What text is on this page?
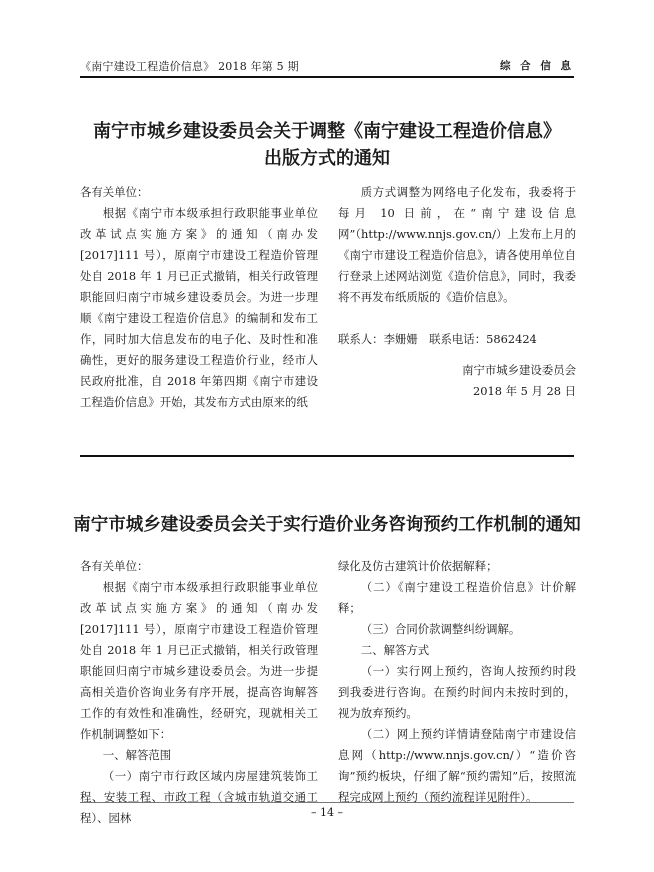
《南宁建设工程造价信息》 2018 年第 5 期	综 合 信 息
南宁市城乡建设委员会关于调整《南宁建设工程造价信息》
出版方式的通知

各有关单位：

根据《南宁市本级承担行政职能事业单位改革试点实施方案》的通知（南办发[2017]111 号），原南宁市建设工程造价管理处自 2018 年 1 月已正式撤销，相关行政管理职能回归南宁市城乡建设委员会。为进一步理顺《南宁建设工程造价信息》的编制和发布工作，同时加大信息发布的电子化、及时性和准确性，更好的服务建设工程造价行业，经市人民政府批准，自 2018 年第四期《南宁市建设工程造价信息》开始，其发布方式由原来的纸

质方式调整为网络电子化发布，我委将于每月 10 日前，在“南宁建设信息网”（http://www.nnjs.gov.cn/）上发布上月的《南宁市建设工程造价信息》，请各使用单位自行登录上述网站浏览《造价信息》，同时，我委将不再发布纸质版的《造价信息》。

联系人：李姗姗　联系电话：5862424

南宁市城乡建设委员会

2018 年 5 月 28 日

南宁市城乡建设委员会关于实行造价业务咨询预约工作机制的通知

各有关单位：

根据《南宁市本级承担行政职能事业单位改革试点实施方案》的通知（南办发[2017]111 号），原南宁市建设工程造价管理处自 2018 年 1 月已正式撤销，相关行政管理职能回归南宁市城乡建设委员会。为进一步提高相关造价咨询业务有序开展，提高咨询解答工作的有效性和准确性，经研究，现就相关工作机制调整如下：

一、解答范围

（一）南宁市行政区域内房屋建筑装饰工程、安装工程、市政工程（含城市轨道交通工程）、园林

绿化及仿古建筑计价依据解释；

（二）《南宁建设工程造价信息》计价解释；

（三）合同价款调整纠纷调解。

二、解答方式

（一）实行网上预约，咨询人按预约时段到我委进行咨询。在预约时间内未按时到的，视为放弃预约。

（二）网上预约详情请登陆南宁市建设信息网（http://www.nnjs.gov.cn/）“造价咨询”预约板块，仔细了解“预约需知”后，按照流程完成网上预约（预约流程详见附件）。

– 14 –
